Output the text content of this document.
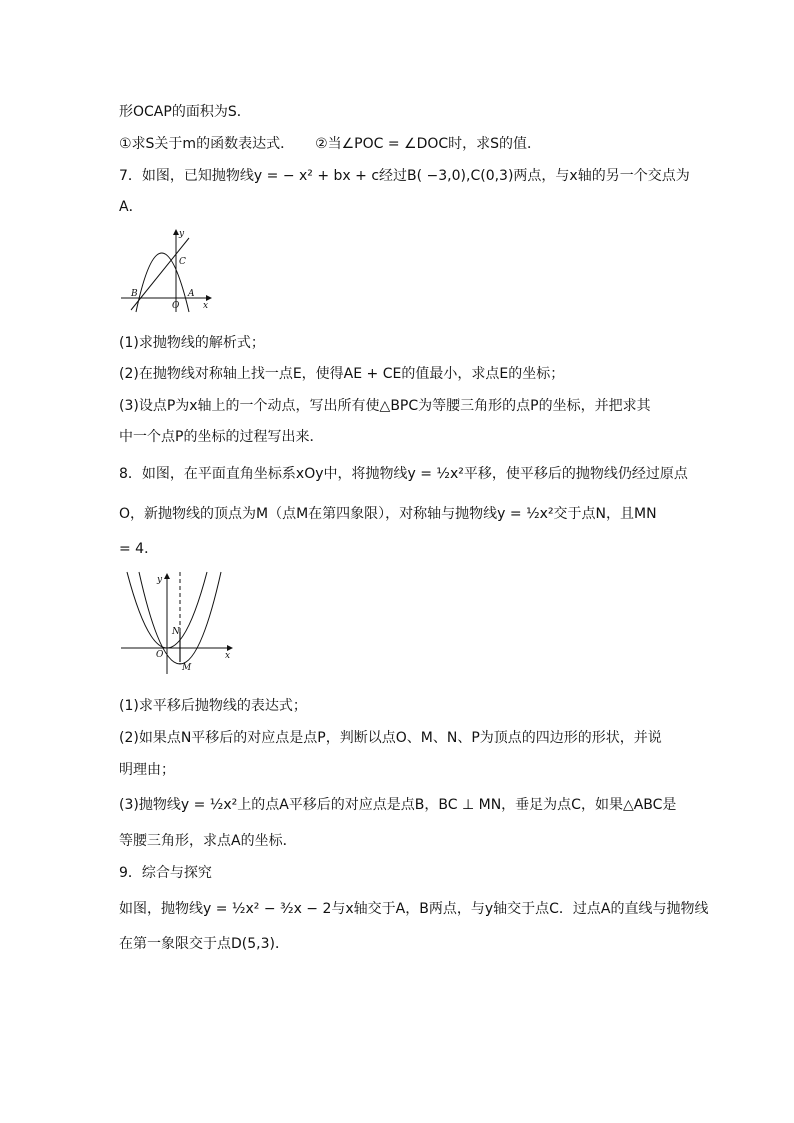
形OCAP的面积为S．
①求S关于m的函数表达式．　　②当∠POC = ∠DOC时，求S的值．
7．如图，已知抛物线y = − x² + bx + c经过B( −3,0),C(0,3)两点，与x轴的另一个交点为
A．
y
x
B
O
A
C
(1)求抛物线的解析式；
(2)在抛物线对称轴上找一点E，使得AE + CE的值最小，求点E的坐标；
(3)设点P为x轴上的一个动点，写出所有使△BPC为等腰三角形的点P的坐标，并把求其
中一个点P的坐标的过程写出来．
8．如图，在平面直角坐标系xOy中，将抛物线y = ½x²平移，使平移后的抛物线仍经过原点
O，新抛物线的顶点为M（点M在第四象限），对称轴与抛物线y = ½x²交于点N，且MN
= 4．
y
x
O
N
M
(1)求平移后抛物线的表达式；
(2)如果点N平移后的对应点是点P，判断以点O、M、N、P为顶点的四边形的形状，并说
明理由；
(3)抛物线y = ½x²上的点A平移后的对应点是点B，BC ⊥ MN，垂足为点C，如果△ABC是
等腰三角形，求点A的坐标．
9．综合与探究
如图，抛物线y = ½x² − ³⁄₂x − 2与x轴交于A，B两点，与y轴交于点C．过点A的直线与抛物线
在第一象限交于点D(5,3)．
